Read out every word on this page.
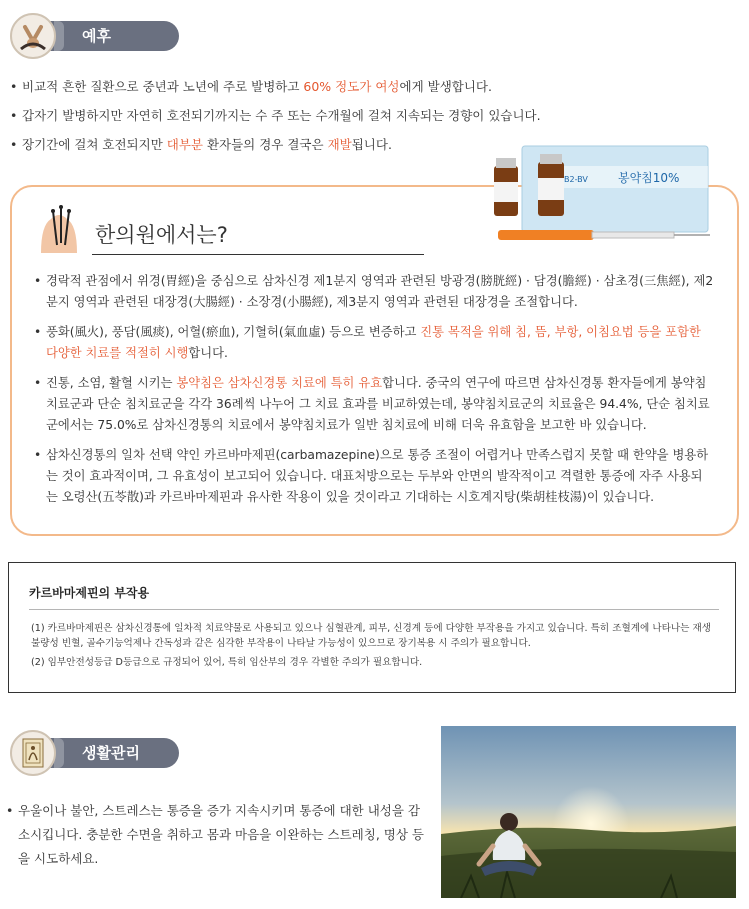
예후
• 비교적 흔한 질환으로 중년과 노년에 주로 발병하고 60% 정도가 여성에게 발생합니다.
• 갑자기 발병하지만 자연히 호전되기까지는 수 주 또는 수개월에 걸쳐 지속되는 경향이 있습니다.
• 장기간에 걸쳐 호전되지만 대부분 환자들의 경우 결국은 재발됩니다.
한의원에서는?
봉약침10%
B2-BV
• 경락적 관점에서 위경(胃經)을 중심으로 삼차신경 제1분지 영역과 관련된 방광경(膀胱經) · 담경(膽經) · 삼초경(三焦經), 제2분지 영역과 관련된 대장경(大腸經) · 소장경(小腸經), 제3분지 영역과 관련된 대장경을 조절합니다.
• 풍화(風火), 풍담(風痰), 어혈(瘀血), 기혈허(氣血虛) 등으로 변증하고 진통 목적을 위해 침, 뜸, 부항, 이침요법 등을 포함한 다양한 치료를 적절히 시행합니다.
• 진통, 소염, 활혈 시키는 봉약침은 삼차신경통 치료에 특히 유효합니다. 중국의 연구에 따르면 삼차신경통 환자들에게 봉약침 치료군과 단순 침치료군을 각각 36례씩 나누어 그 치료 효과를 비교하였는데, 봉약침치료군의 치료율은 94.4%, 단순 침치료군에서는 75.0%로 삼차신경통의 치료에서 봉약침치료가 일반 침치료에 비해 더욱 유효함을 보고한 바 있습니다.
• 삼차신경통의 일차 선택 약인 카르바마제핀(carbamazepine)으로 통증 조절이 어렵거나 만족스럽지 못할 때 한약을 병용하는 것이 효과적이며, 그 유효성이 보고되어 있습니다. 대표처방으로는 두부와 안면의 발작적이고 격렬한 통증에 자주 사용되는 오령산(五苓散)과 카르바마제핀과 유사한 작용이 있을 것이라고 기대하는 시호계지탕(柴胡桂枝湯)이 있습니다.
카르바마제핀의 부작용
(1) 카르바마제핀은 삼차신경통에 일차적 치료약물로 사용되고 있으나 심혈관계, 피부, 신경계 등에 다양한 부작용을 가지고 있습니다. 특히 조혈계에 나타나는 재생불량성 빈혈, 골수기능억제나 간독성과 같은 심각한 부작용이 나타날 가능성이 있으므로 장기복용 시 주의가 필요합니다.
(2) 임부안전성등급 D등급으로 규정되어 있어, 특히 임산부의 경우 각별한 주의가 필요합니다.
생활관리
• 우울이나 불안, 스트레스는 통증을 증가 지속시키며 통증에 대한 내성을 감소시킵니다. 충분한 수면을 취하고 몸과 마음을 이완하는 스트레칭, 명상 등을 시도하세요.
